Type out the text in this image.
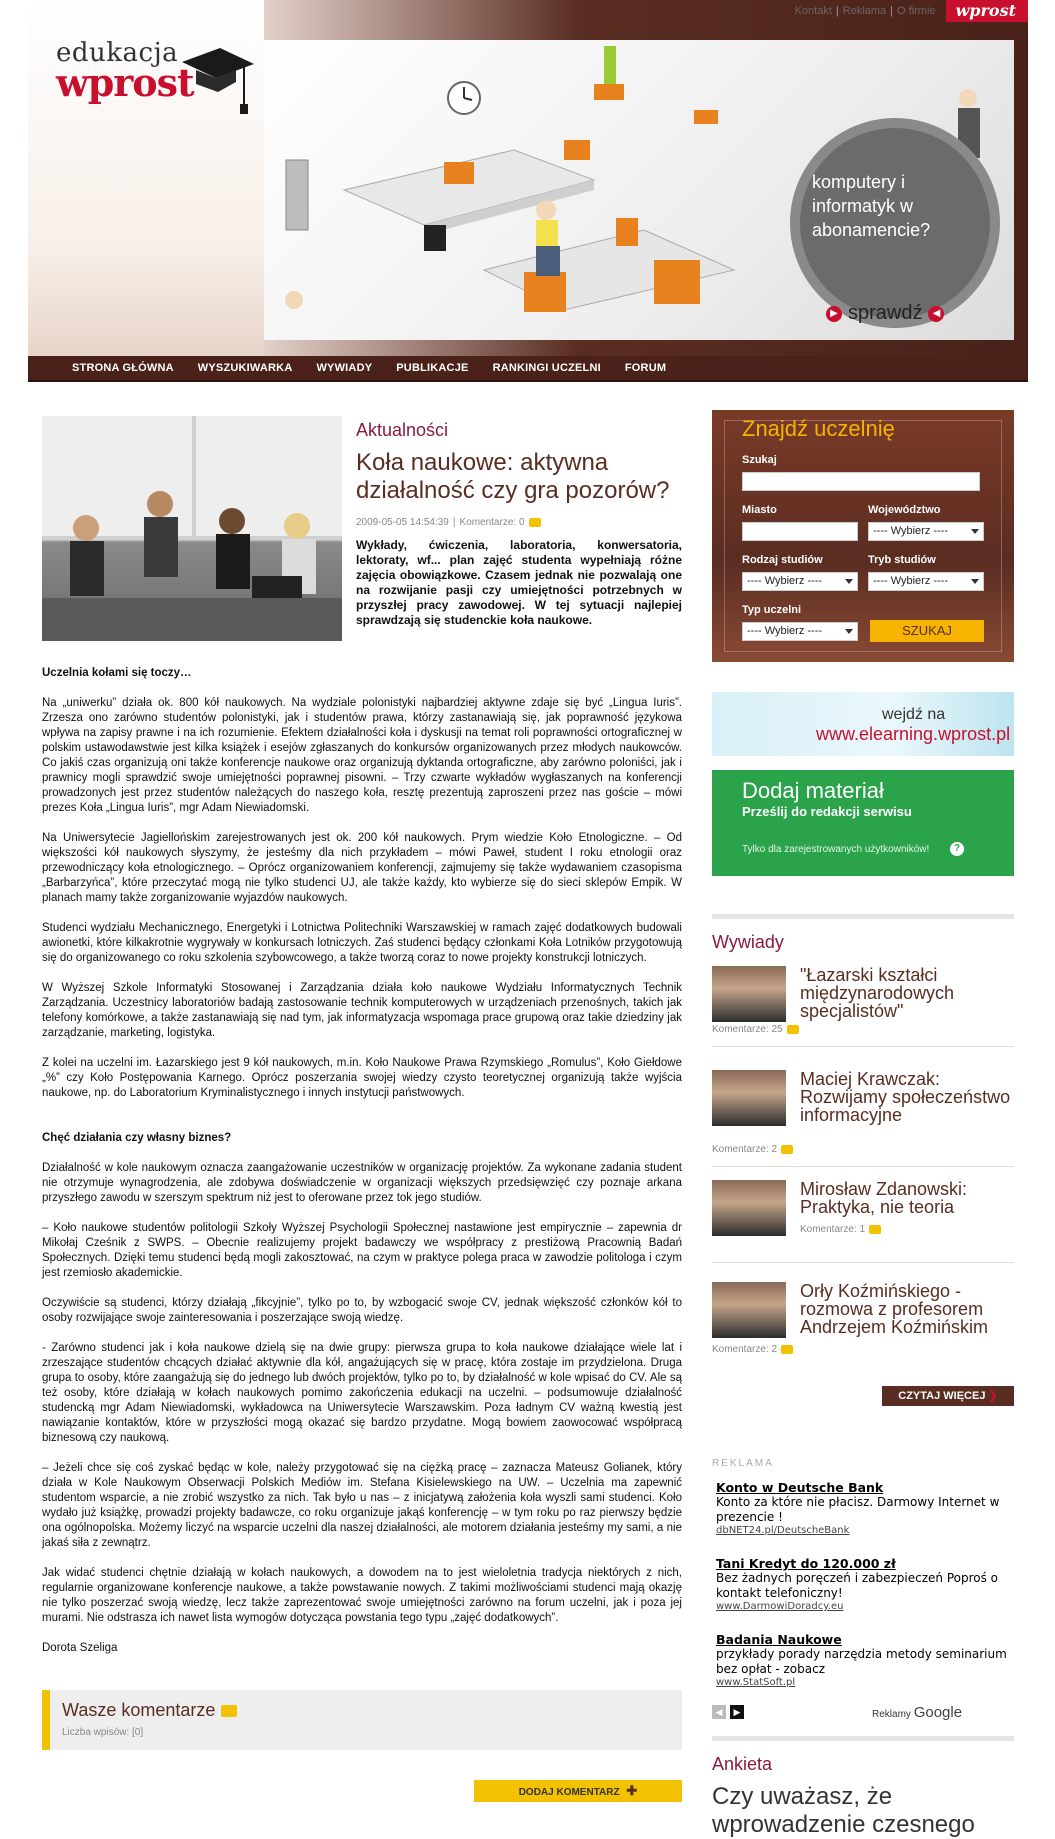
edukacja
wprost
Kontakt | Reklama | O firmie	wprost
komputery i informatyk w abonamencie?
▶ sprawdź	◀
STRONA GŁÓWNA WYSZUKIWARKA WYWIADY PUBLIKACJE RANKINGI UCZELNI FORUM
Aktualności
Koła naukowe: aktywna działalność czy gra pozorów?
2009-05-05 14:54:39 | Komentarze: 0
Wykłady, ćwiczenia, laboratoria, konwersatoria, lektoraty, wf... plan zajęć studenta wypełniają różne zajęcia obowiązkowe. Czasem jednak nie pozwalają one na rozwijanie pasji czy umiejętności potrzebnych w przyszłej pracy zawodowej. W tej sytuacji najlepiej sprawdzają się studenckie koła naukowe.

Uczelnia kołami się toczy…

Na „uniwerku” działa ok. 800 kół naukowych. Na wydziale polonistyki najbardziej aktywne zdaje się być „Lingua Iuris”. Zrzesza ono zarówno studentów polonistyki, jak i studentów prawa, którzy zastanawiają się, jak poprawność językowa wpływa na zapisy prawne i na ich rozumienie. Efektem działalności koła i dyskusji na temat roli poprawności ortograficznej w polskim ustawodawstwie jest kilka książek i esejów zgłaszanych do konkursów organizowanych przez młodych naukowców. Co jakiś czas organizują oni także konferencje naukowe oraz organizują dyktanda ortograficzne, aby zarówno poloniści, jak i prawnicy mogli sprawdzić swoje umiejętności poprawnej pisowni. – Trzy czwarte wykładów wygłaszanych na konferencji prowadzonych jest przez studentów należących do naszego koła, resztę prezentują zaproszeni przez nas goście – mówi prezes Koła „Lingua Iuris”, mgr Adam Niewiadomski.

Na Uniwersytecie Jagiellońskim zarejestrowanych jest ok. 200 kół naukowych. Prym wiedzie Koło Etnologiczne. – Od większości kół naukowych słyszymy, że jesteśmy dla nich przykładem – mówi Paweł, student I roku etnologii oraz przewodniczący koła etnologicznego. – Oprócz organizowaniem konferencji, zajmujemy się także wydawaniem czasopisma „Barbarzyńca”, które przeczytać mogą nie tylko studenci UJ, ale także każdy, kto wybierze się do sieci sklepów Empik. W planach mamy także zorganizowanie wyjazdów naukowych.

Studenci wydziału Mechanicznego, Energetyki i Lotnictwa Politechniki Warszawskiej w ramach zajęć dodatkowych budowali awionetki, które kilkakrotnie wygrywały w konkursach lotniczych. Zaś studenci będący członkami Koła Lotników przygotowują się do organizowanego co roku szkolenia szybowcowego, a także tworzą coraz to nowe projekty konstrukcji lotniczych.

W Wyższej Szkole Informatyki Stosowanej i Zarządzania działa koło naukowe Wydziału Informatycznych Technik Zarządzania. Uczestnicy laboratoriów badają zastosowanie technik komputerowych w urządzeniach przenośnych, takich jak telefony komórkowe, a także zastanawiają się nad tym, jak informatyzacja wspomaga prace grupową oraz takie dziedziny jak zarządzanie, marketing, logistyka.

Z kolei na uczelni im. Łazarskiego jest 9 kół naukowych, m.in. Koło Naukowe Prawa Rzymskiego „Romulus”, Koło Giełdowe „%” czy Koło Postępowania Karnego. Oprócz poszerzania swojej wiedzy czysto teoretycznej organizują także wyjścia naukowe, np. do Laboratorium Kryminalistycznego i innych instytucji państwowych.

Chęć działania czy własny biznes?

Działalność w kole naukowym oznacza zaangażowanie uczestników w organizację projektów. Za wykonane zadania student nie otrzymuje wynagrodzenia, ale zdobywa doświadczenie w organizacji większych przedsięwzięć czy poznaje arkana przyszłego zawodu w szerszym spektrum niż jest to oferowane przez tok jego studiów.

– Koło naukowe studentów politologii Szkoły Wyższej Psychologii Społecznej nastawione jest empirycznie – zapewnia dr Mikołaj Cześnik z SWPS. – Obecnie realizujemy projekt badawczy we współpracy z prestiżową Pracownią Badań Społecznych. Dzięki temu studenci będą mogli zakosztować, na czym w praktyce polega praca w zawodzie politologa i czym jest rzemiosło akademickie.

Oczywiście są studenci, którzy działają „fikcyjnie”, tylko po to, by wzbogacić swoje CV, jednak większość członków kół to osoby rozwijające swoje zainteresowania i poszerzające swoją wiedzę.

- Zarówno studenci jak i koła naukowe dzielą się na dwie grupy: pierwsza grupa to koła naukowe działające wiele lat i zrzeszające studentów chcących działać aktywnie dla kół, angażujących się w pracę, która zostaje im przydzielona. Druga grupa to osoby, które zaangażują się do jednego lub dwóch projektów, tylko po to, by działalność w kole wpisać do CV. Ale są też osoby, które działają w kołach naukowych pomimo zakończenia edukacji na uczelni. – podsumowuje działalność studencką mgr Adam Niewiadomski, wykładowca na Uniwersytecie Warszawskim. Poza ładnym CV ważną kwestią jest nawiązanie kontaktów, które w przyszłości mogą okazać się bardzo przydatne. Mogą bowiem zaowocować współpracą biznesową czy naukową.

– Jeżeli chce się coś zyskać będąc w kole, należy przygotować się na ciężką pracę – zaznacza Mateusz Golianek, który działa w Kole Naukowym Obserwacji Polskich Mediów im. Stefana Kisielewskiego na UW. – Uczelnia ma zapewnić studentom wsparcie, a nie zrobić wszystko za nich. Tak było u nas – z inicjatywą założenia koła wyszli sami studenci. Koło wydało już książkę, prowadzi projekty badawcze, co roku organizuje jakąś konferencję – w tym roku po raz pierwszy będzie ona ogólnopolska. Możemy liczyć na wsparcie uczelni dla naszej działalności, ale motorem działania jesteśmy my sami, a nie jakaś siła z zewnątrz.

Jak widać studenci chętnie działają w kołach naukowych, a dowodem na to jest wieloletnia tradycja niektórych z nich, regularnie organizowane konferencje naukowe, a także powstawanie nowych. Z takimi możliwościami studenci mają okazję nie tylko poszerzać swoją wiedzę, lecz także zaprezentować swoje umiejętności zarówno na forum uczelni, jak i poza jej murami. Nie odstrasza ich nawet lista wymogów dotycząca powstania tego typu „zajęć dodatkowych”.

Dorota Szeliga

Wasze komentarze
Liczba wpisów: [0]
DODAJ KOMENTARZ ✚
Znajdź uczelnię
Szukaj
Miasto	Województwo
---- Wybierz ----
Rodzaj studiów
---- Wybierz ----
Tryb studiów
---- Wybierz ----
Typ uczelni
---- Wybierz ----	SZUKAJ
wejdź na
www.elearning.wprost.pl
Dodaj materiał
Prześlij do redakcji serwisu
Tylko dla zarejestrowanych użytkowników!	?
Wywiady
"Łazarski kształci międzynarodowych specjalistów"
Komentarze: 25
Maciej Krawczak: Rozwijamy społeczeństwo informacyjne
Komentarze: 2
Mirosław Zdanowski: Praktyka, nie teoria
Komentarze: 1
Orły Koźmińskiego - rozmowa z profesorem Andrzejem Koźmińskim
Komentarze: 2
CZYTAJ WIĘCEJ ❯
REKLAMA
Konto w Deutsche Bank
Konto za które nie płacisz. Darmowy Internet w prezencie !
dbNET24.pl/DeutscheBank
Tani Kredyt do 120.000 zł
Bez żadnych poręczeń i zabezpieczeń Poproś o kontakt telefoniczny!
www.DarmowiDoradcy.eu
Badania Naukowe
przykłady porady narzędzia metody seminarium bez opłat - zobacz
www.StatSoft.pl
◀	▶	Reklamy Google
Ankieta
Czy uważasz, że wprowadzenie czesnego
